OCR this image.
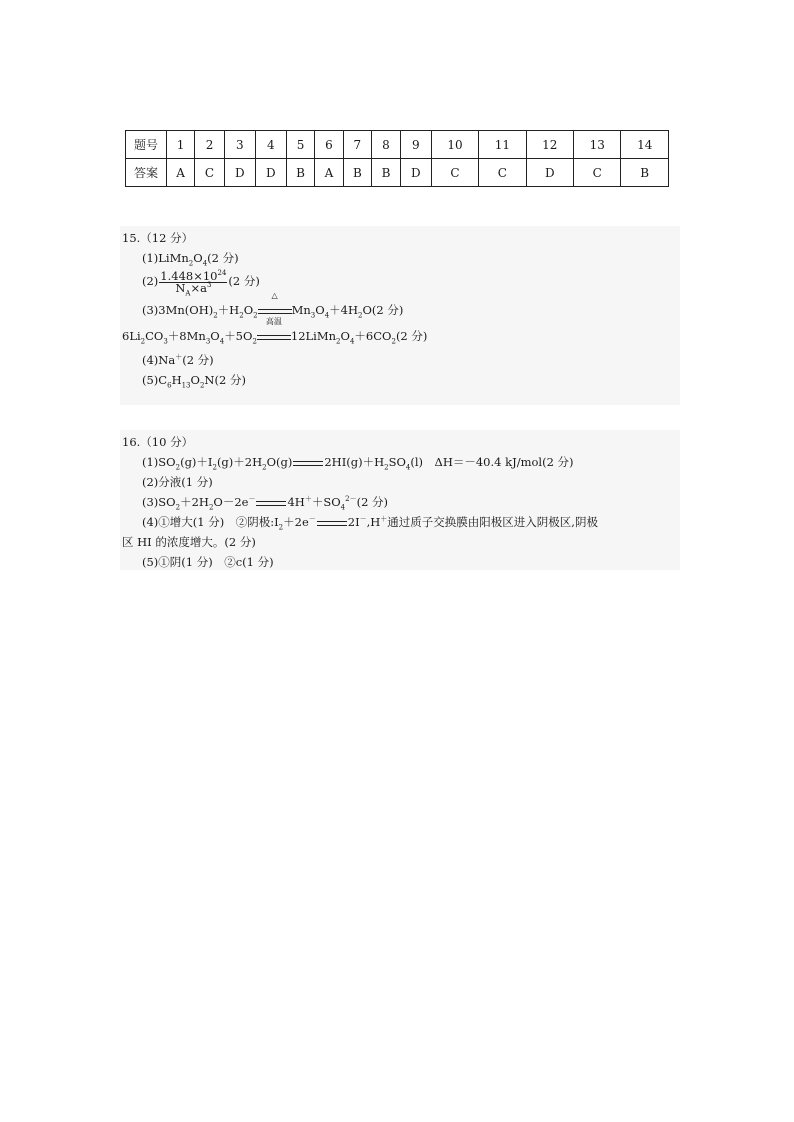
题号	1	2	3	4	5	6	7	8	9	10	11	12	13	14
答案	A	C	D	D	B	A	B	B	D	C	C	D	C	B
15.（12 分）
$(1)LiMn_2O_4(2$ 分)
$(2) \frac{1.448\times 10^{24}}{N_A\times a^3} (2$ 分)
$(3)3Mn(OH)_2+H_2O_2$
△
$Mn_3O_4+4H_2O(2$ 分)
$6Li_2CO_3+8Mn_3O_4+5O_2$
高温
$12LiMn_2O_4+6CO_2(2$ 分)
(4)Na＋(2 分)
$(5)C_6H_{13}O_2N(2$ 分)
16.（10 分）
$(1)SO_2(g)+I_2(g)+2H_2O(g)$	$2HI(g)+H_2SO_4(l)$　ΔH＝－40.4 kJ/mol(2 分)
(2)分液(1 分)
$(3)SO_2+2H_2O-2e^-$	$4H^++SO_4^{2-}(2$ 分)
(4)①增大(1 分)　②阴极$:I_2+2e^-$	2I－,H＋通过质子交换膜由阳极区进入阴极区,阴极
区 HI 的浓度增大。(2 分)
(5)①阴(1 分)　②c(1 分)
